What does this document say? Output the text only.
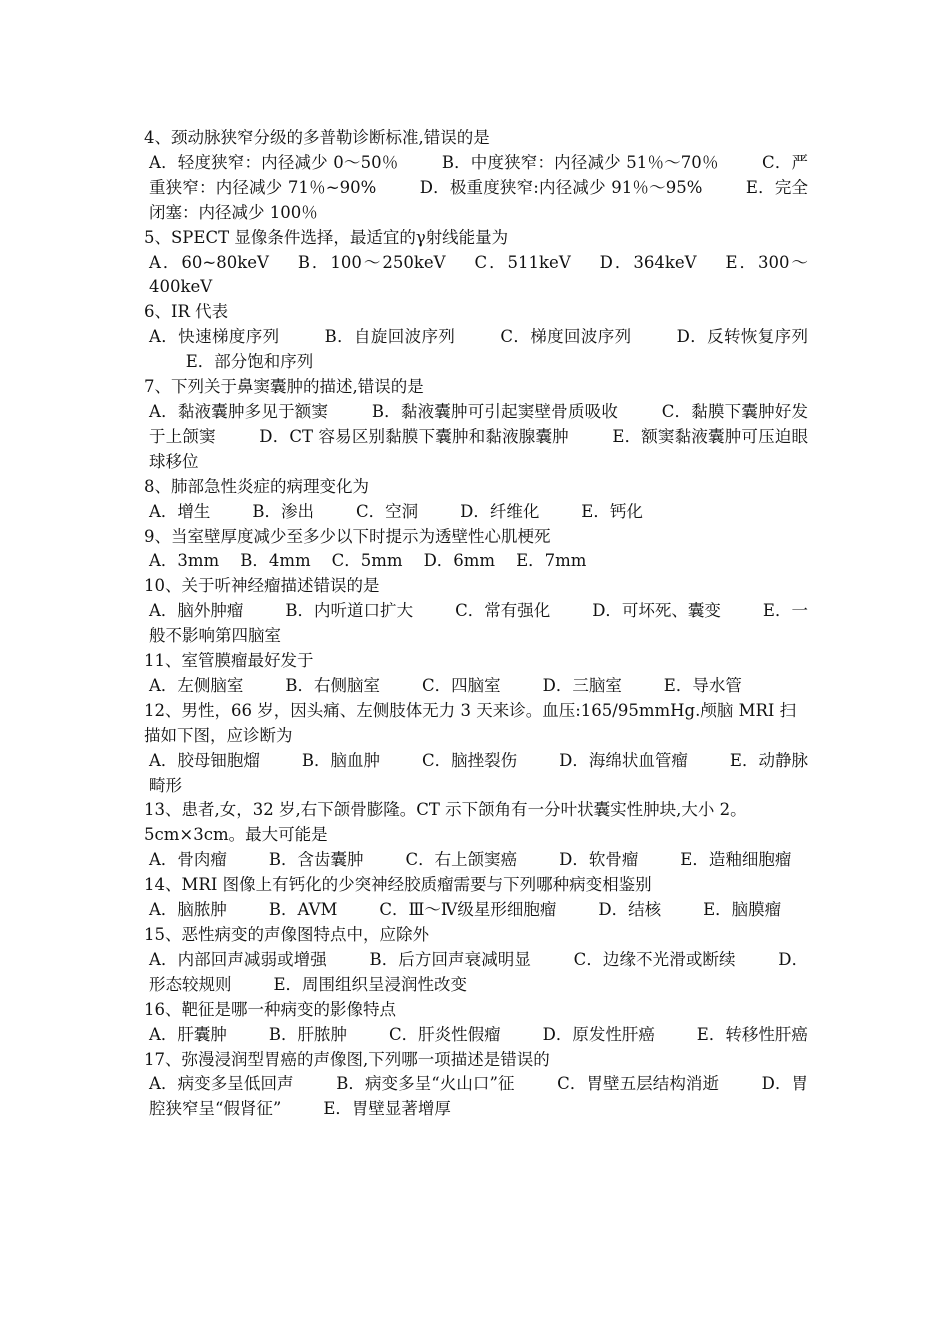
4、颈动脉狭窄分级的多普勒诊断标准,错误的是

A．轻度狭窄：内径减少 0～50％	B．中度狭窄：内径减少 51％～70％	C．严重狭窄：内径减少 71％~90%	D．极重度狭窄:内径减少 91％～95%	E．完全闭塞：内径减少 100％

5、SPECT 显像条件选择，最适宜的γ射线能量为

A．60~80keV B．100～250keV C．511keV D．364keV E．300～400keV

6、IR 代表

A．快速梯度序列	B．自旋回波序列	C．梯度回波序列	D．反转恢复序列 E．部分饱和序列

7、下列关于鼻窦囊肿的描述,错误的是

A．黏液囊肿多见于额窦	B．黏液囊肿可引起窦壁骨质吸收	C．黏膜下囊肿好发于上颌窦	D．CT 容易区别黏膜下囊肿和黏液腺囊肿	E．额窦黏液囊肿可压迫眼球移位

8、肺部急性炎症的病理变化为

A．增生	B．渗出	C．空洞	D．纤维化	E．钙化

9、当室壁厚度减少至多少以下时提示为透壁性心肌梗死

A．3mm B．4mm C．5mm D．6mm E．7mm

10、关于听神经瘤描述错误的是

A．脑外肿瘤	B．内听道口扩大	C．常有强化	D．可坏死、囊变	E．一般不影响第四脑室

11、室管膜瘤最好发于

A．左侧脑室	B．右侧脑室	C．四脑室	D．三脑室	E．导水管

12、男性，66 岁，因头痛、左侧肢体无力 3 天来诊。血压:165/95mmHg.颅脑 MRI 扫描如下图，应诊断为

A．胶母钿胞熘	B．脑血肿	C．脑挫裂伤	D．海绵状血管瘤	E．动静脉畸形

13、患者,女，32 岁,右下颌骨膨隆。CT 示下颌角有一分叶状囊实性肿块,大小 2。5cm×3cm。最大可能是

A．骨肉瘤	B．含齿囊肿	C．右上颌窦癌	D．软骨瘤	E．造釉细胞瘤

14、MRI 图像上有钙化的少突神经胶质瘤需要与下列哪种病变相鉴别

A．脑脓肿	B．AVM	C．Ⅲ～Ⅳ级星形细胞瘤	D．结核	E．脑膜瘤

15、恶性病变的声像图特点中，应除外

A．内部回声减弱或增强	B．后方回声衰减明显	C．边缘不光滑或断续	D．形态较规则	E．周围组织呈浸润性改变

16、靶征是哪一种病变的影像特点

A．肝囊肿	B．肝脓肿	C．肝炎性假瘤	D．原发性肝癌	E．转移性肝癌

17、弥漫浸润型胃癌的声像图,下列哪一项描述是错误的

A．病变多呈低回声	B．病变多呈“火山口”征	C．胃壁五层结构消逝	D．胃腔狭窄呈“假肾征”	E．胃壁显著增厚
